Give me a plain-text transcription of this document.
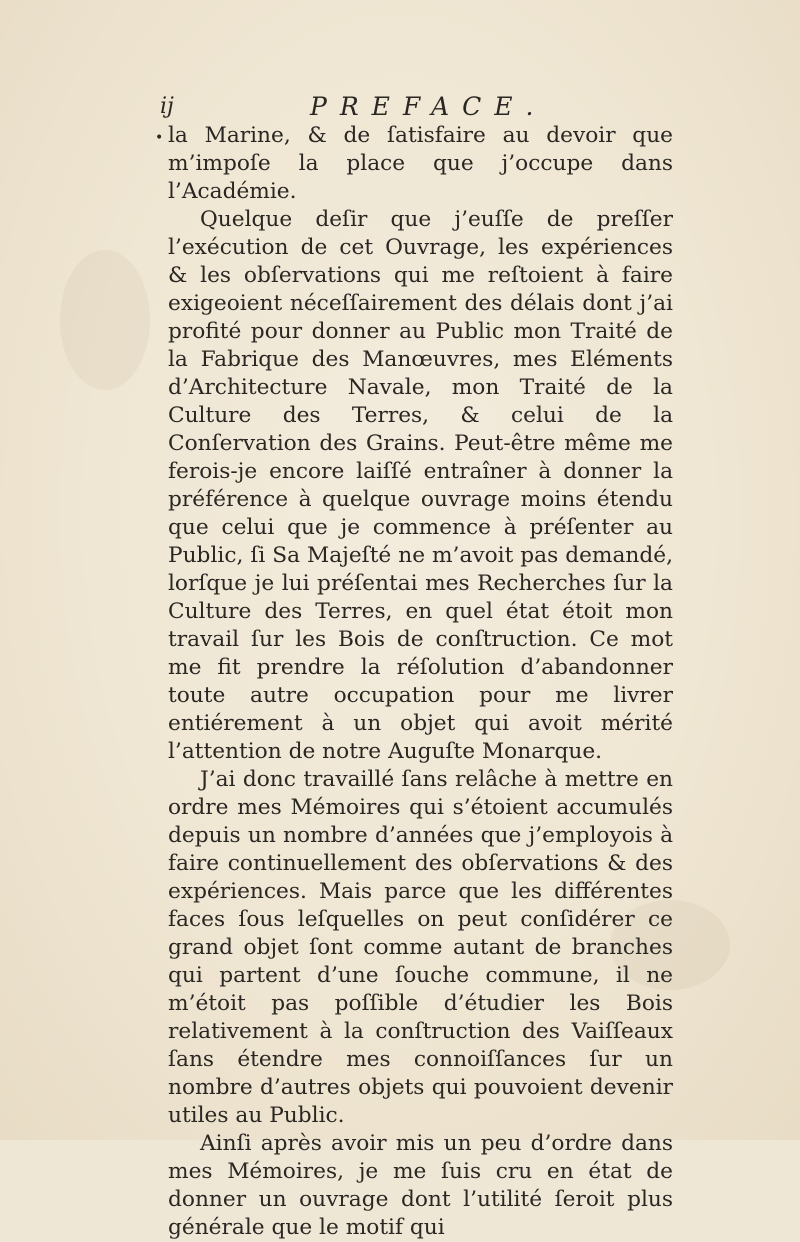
ij	PREFACE.
• la Marine, & de ſatisfaire au devoir que m’impoſe la place que j’occupe dans l’Académie.

Quelque deſir que j’euſſe de preſſer l’exécution de cet Ouvrage, les expériences & les obſervations qui me reſtoient à faire exigeoient néceſſairement des délais dont j’ai profité pour donner au Public mon Traité de la Fabrique des Manœuvres, mes Eléments d’Architecture Navale, mon Traité de la Culture des Terres, & celui de la Conſervation des Grains. Peut-être même me ferois-je encore laiſſé entraîner à donner la préférence à quelque ouvrage moins étendu que celui que je commence à préſenter au Public, ſi Sa Majeſté ne m’avoit pas demandé, lorſque je lui préſentai mes Recherches ſur la Culture des Terres, en quel état étoit mon travail ſur les Bois de conſtruction. Ce mot me fit prendre la réſolution d’abandonner toute autre occupation pour me livrer entiérement à un objet qui avoit mérité l’attention de notre Auguſte Monarque.

J’ai donc travaillé ſans relâche à mettre en ordre mes Mémoires qui s’étoient accumulés depuis un nombre d’années que j’employois à faire continuellement des obſervations & des expériences. Mais parce que les différentes faces ſous leſquelles on peut conſidérer ce grand objet ſont comme autant de branches qui partent d’une ſouche commune, il ne m’étoit pas poſſible d’étudier les Bois relativement à la conſtruction des Vaiſſeaux ſans étendre mes connoiſſances ſur un nombre d’autres objets qui pouvoient devenir utiles au Public.

Ainſi après avoir mis un peu d’ordre dans mes Mémoires, je me ſuis cru en état de donner un ouvrage dont l’utilité ſeroit plus générale que le motif qui
